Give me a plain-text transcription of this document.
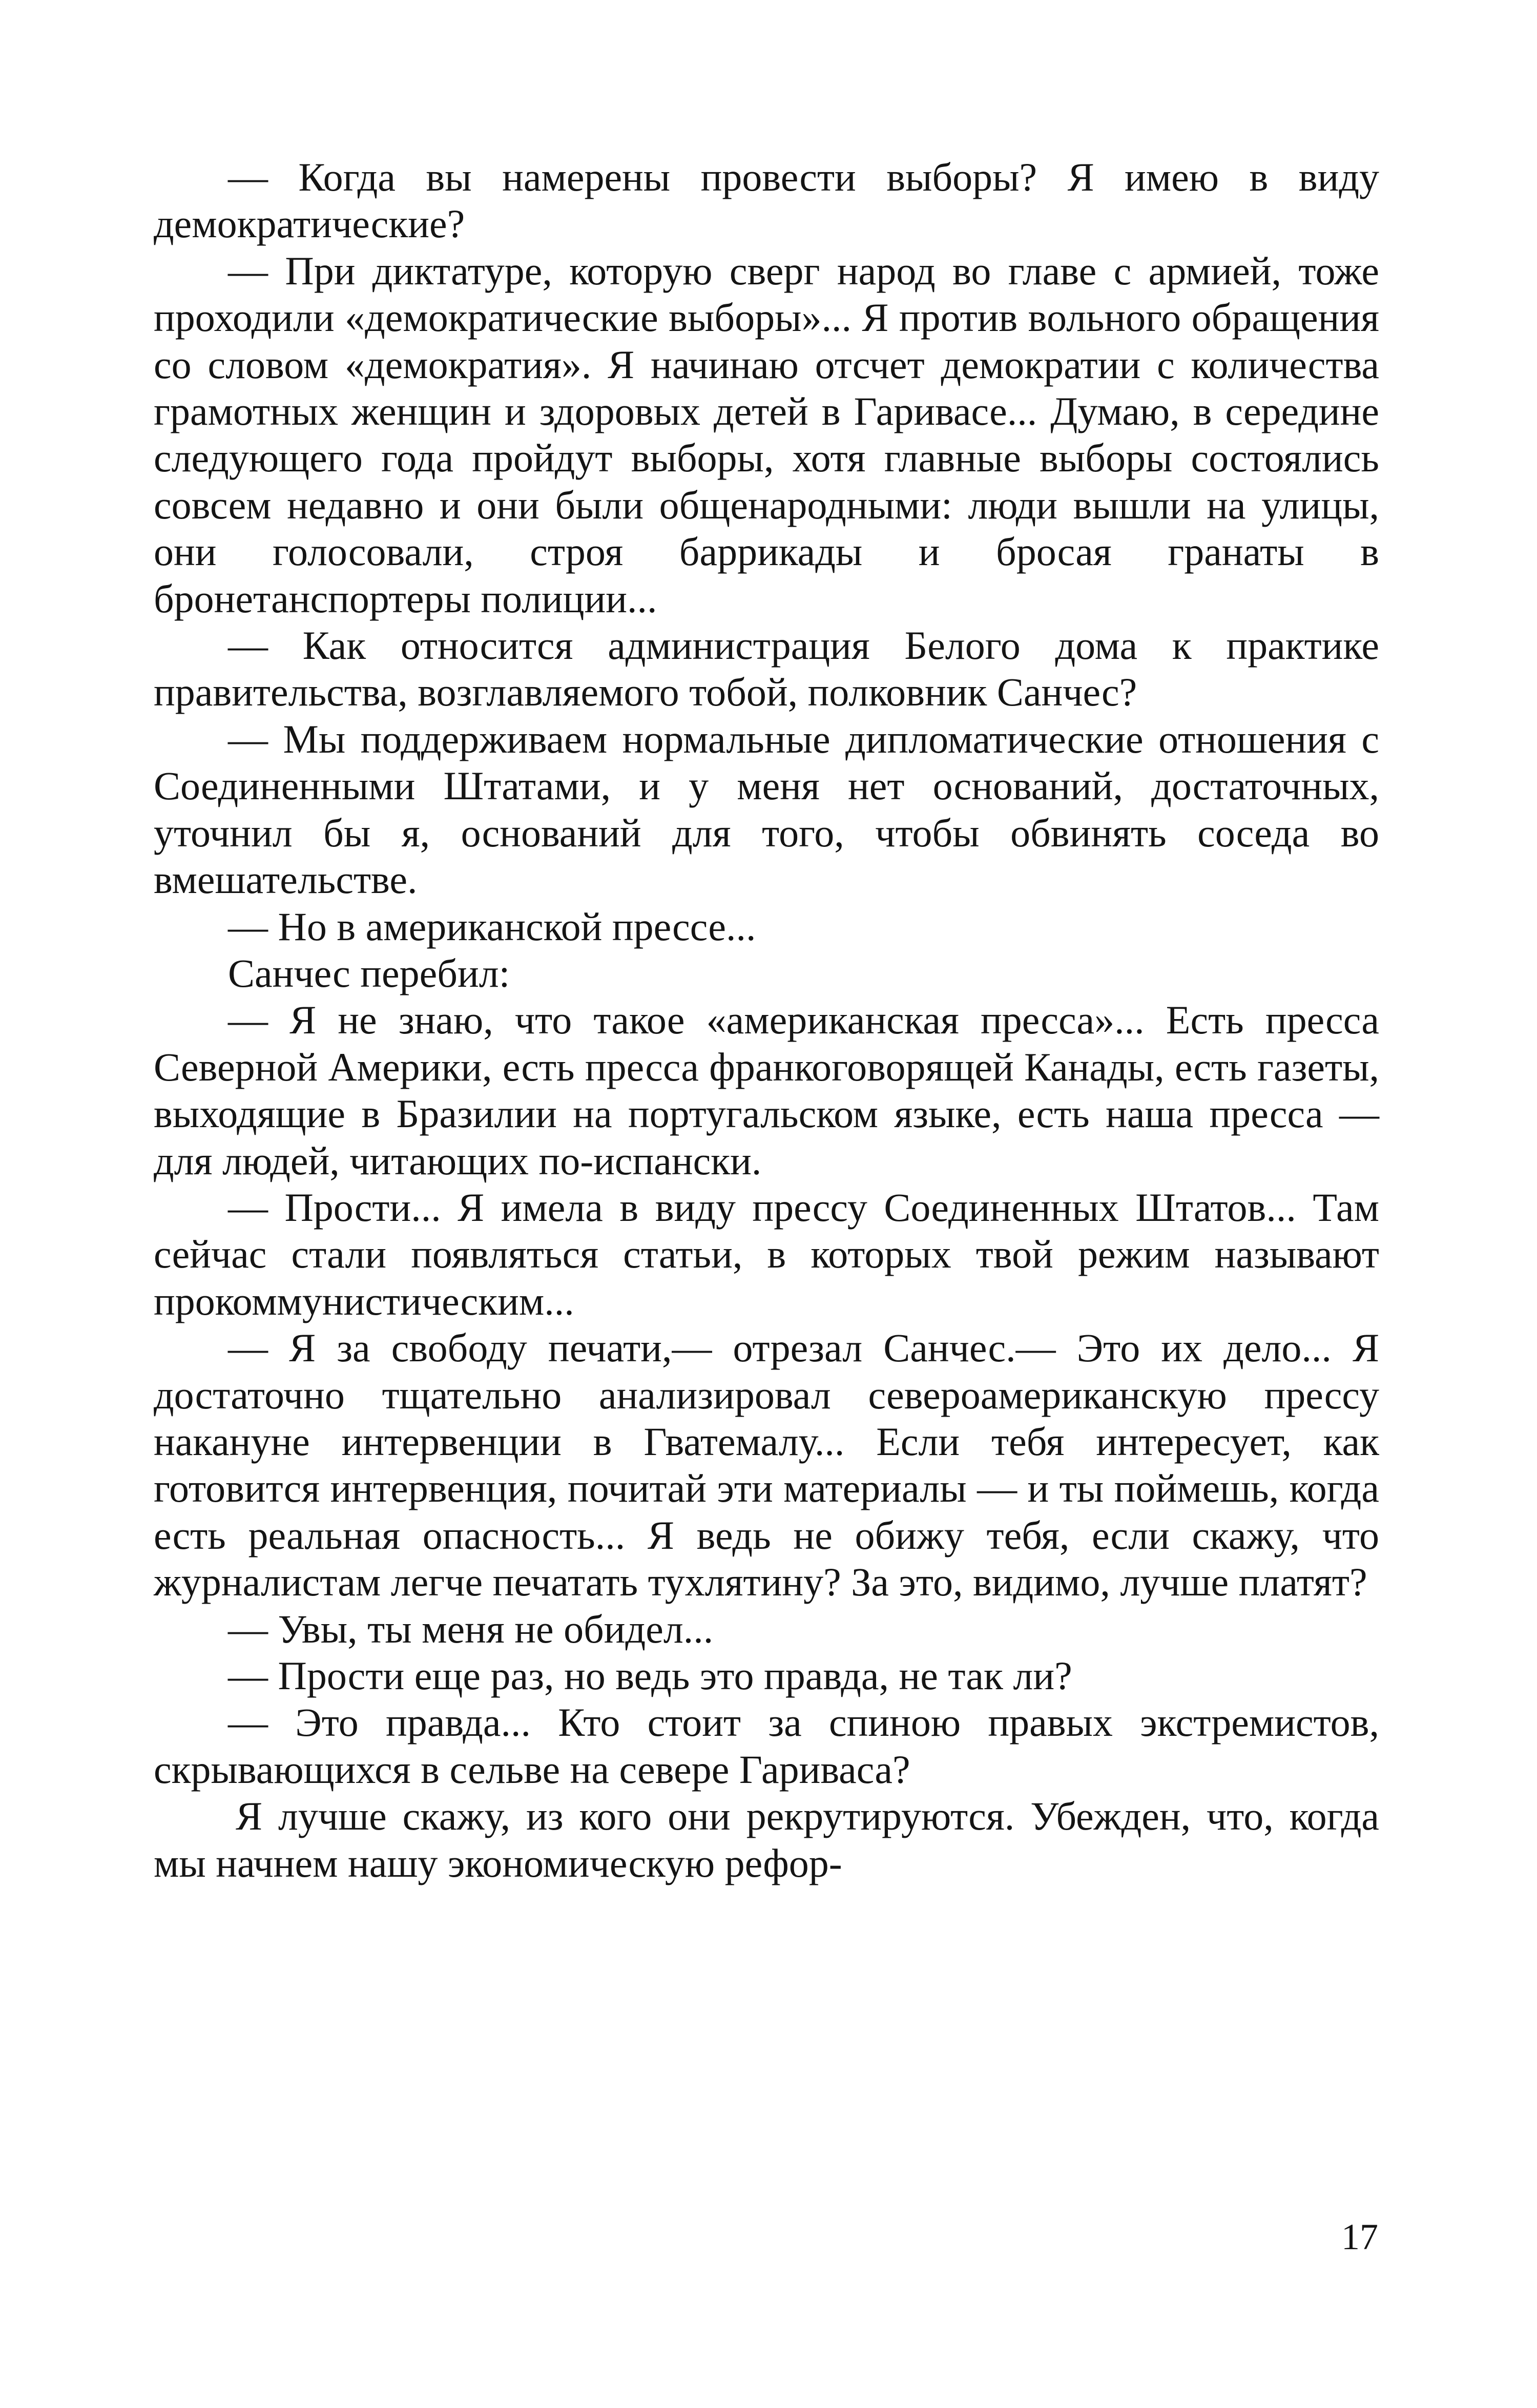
— Когда вы намерены провести выборы? Я имею в виду демократические?

— При диктатуре, которую сверг народ во главе с армией, тоже проходили «демократические выборы»... Я против вольного обращения со словом «демократия». Я начинаю отсчет демократии с количества грамотных женщин и здоровых детей в Гаривасе... Думаю, в середине следующего года пройдут выборы, хотя главные выборы состоялись совсем недавно и они были общенародными: люди вышли на улицы, они голосовали, строя баррикады и бросая гранаты в бронетанспортеры полиции...

— Как относится администрация Белого дома к практике правительства, возглавляемого тобой, полковник Санчес?

— Мы поддерживаем нормальные дипломатические отношения с Соединенными Штатами, и у меня нет оснований, достаточных, уточнил бы я, оснований для того, чтобы обвинять соседа во вмешательстве.

— Но в американской прессе...

Санчес перебил:

— Я не знаю, что такое «американская пресса»... Есть пресса Северной Америки, есть пресса франкоговорящей Канады, есть газеты, выходящие в Бразилии на португальском языке, есть наша пресса — для людей, читающих по-испански.

— Прости... Я имела в виду прессу Соединенных Штатов... Там сейчас стали появляться статьи, в которых твой режим называют прокоммунистическим...

— Я за свободу печати,— отрезал Санчес.— Это их дело... Я достаточно тщательно анализировал североамериканскую прессу накануне интервенции в Гватемалу... Если тебя интересует, как готовится интервенция, почитай эти материалы — и ты поймешь, когда есть реальная опасность... Я ведь не обижу тебя, если скажу, что журналистам легче печатать тухлятину? За это, видимо, лучше платят?

— Увы, ты меня не обидел...

— Прости еще раз, но ведь это правда, не так ли?

— Это правда... Кто стоит за спиною правых экстремистов, скрывающихся в сельве на севере Гариваса?

Я лучше скажу, из кого они рекрутируются. Убежден, что, когда мы начнем нашу экономическую рефор-

17
